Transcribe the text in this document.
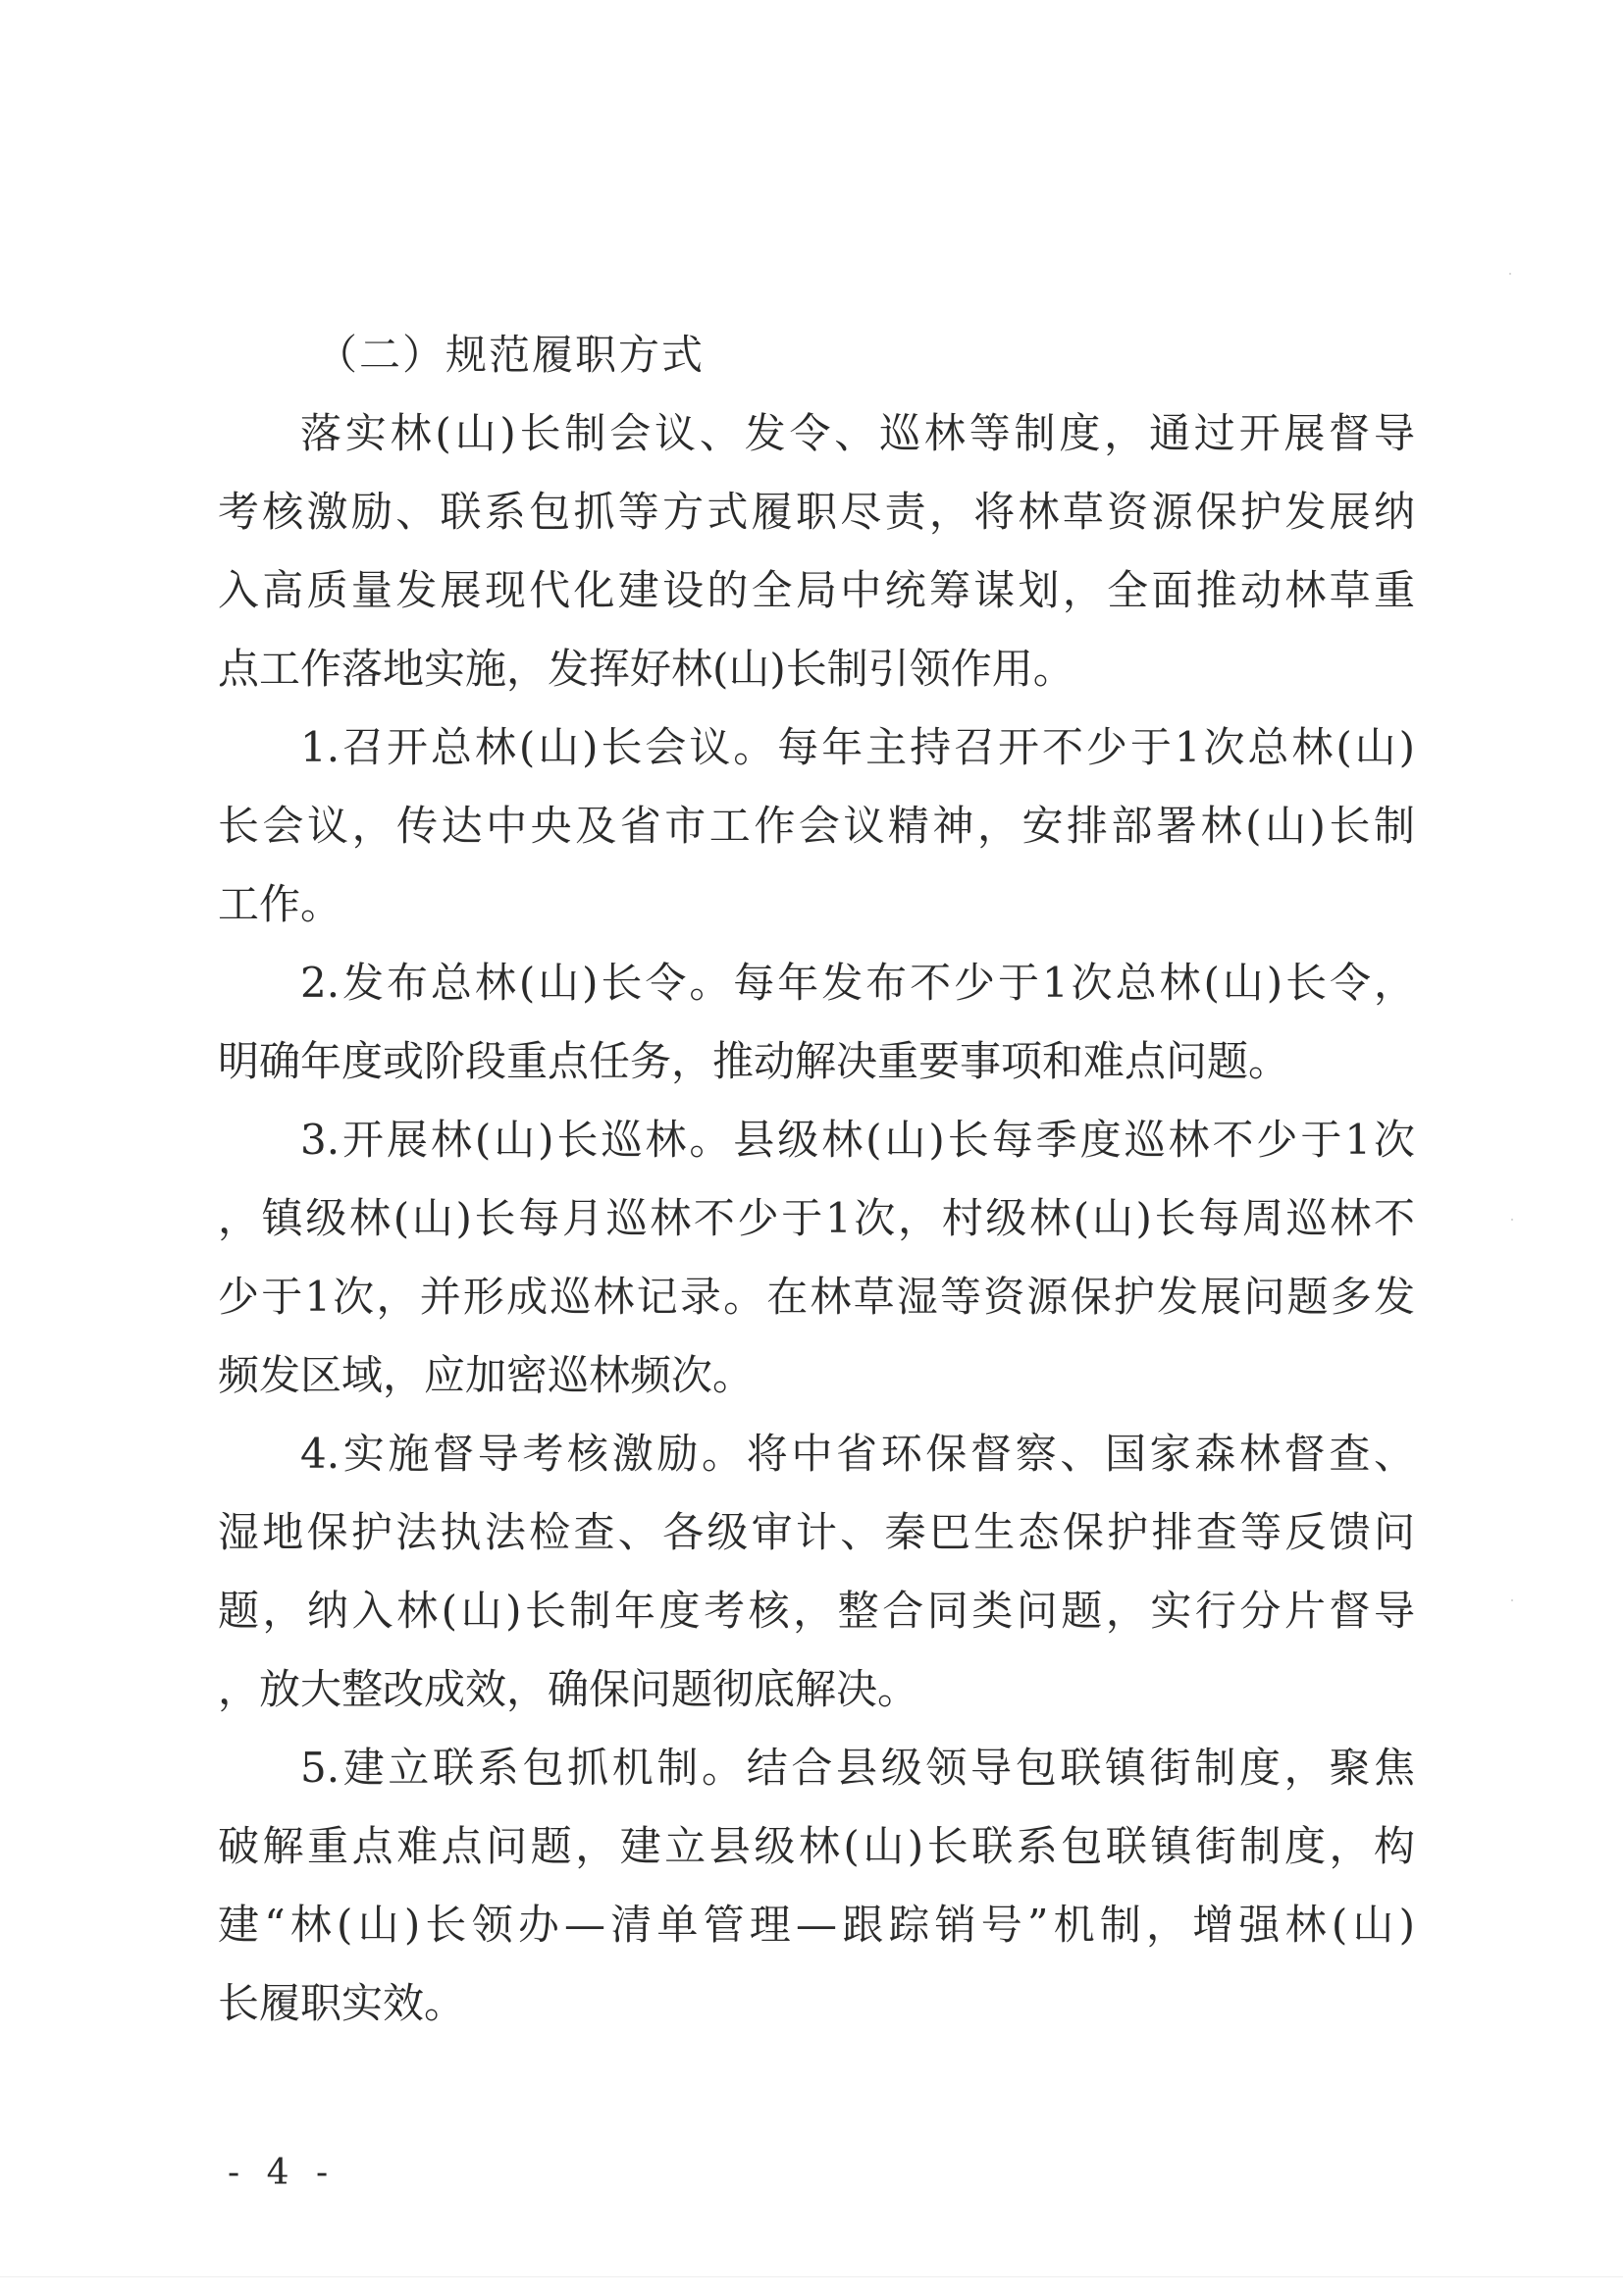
（二）规范履职方式
落实林(山)长制会议、发令、巡林等制度，通过开展督导
考核激励、联系包抓等方式履职尽责，将林草资源保护发展纳
入高质量发展现代化建设的全局中统筹谋划，全面推动林草重
点工作落地实施，发挥好林(山)长制引领作用。
1.召开总林(山)长会议。每年主持召开不少于1次总林(山)
长会议，传达中央及省市工作会议精神，安排部署林(山)长制
工作。
2.发布总林(山)长令。每年发布不少于1次总林(山)长令，
明确年度或阶段重点任务，推动解决重要事项和难点问题。
3.开展林(山)长巡林。县级林(山)长每季度巡林不少于1次
，镇级林(山)长每月巡林不少于1次，村级林(山)长每周巡林不
少于1次，并形成巡林记录。在林草湿等资源保护发展问题多发
频发区域，应加密巡林频次。
4.实施督导考核激励。将中省环保督察、国家森林督查、
湿地保护法执法检查、各级审计、秦巴生态保护排查等反馈问
题，纳入林(山)长制年度考核，整合同类问题，实行分片督导
，放大整改成效，确保问题彻底解决。
5.建立联系包抓机制。结合县级领导包联镇街制度，聚焦
破解重点难点问题，建立县级林(山)长联系包联镇街制度，构
建“林(山)长领办—清单管理—跟踪销号”机制，增强林(山)
长履职实效。
- 4 -
